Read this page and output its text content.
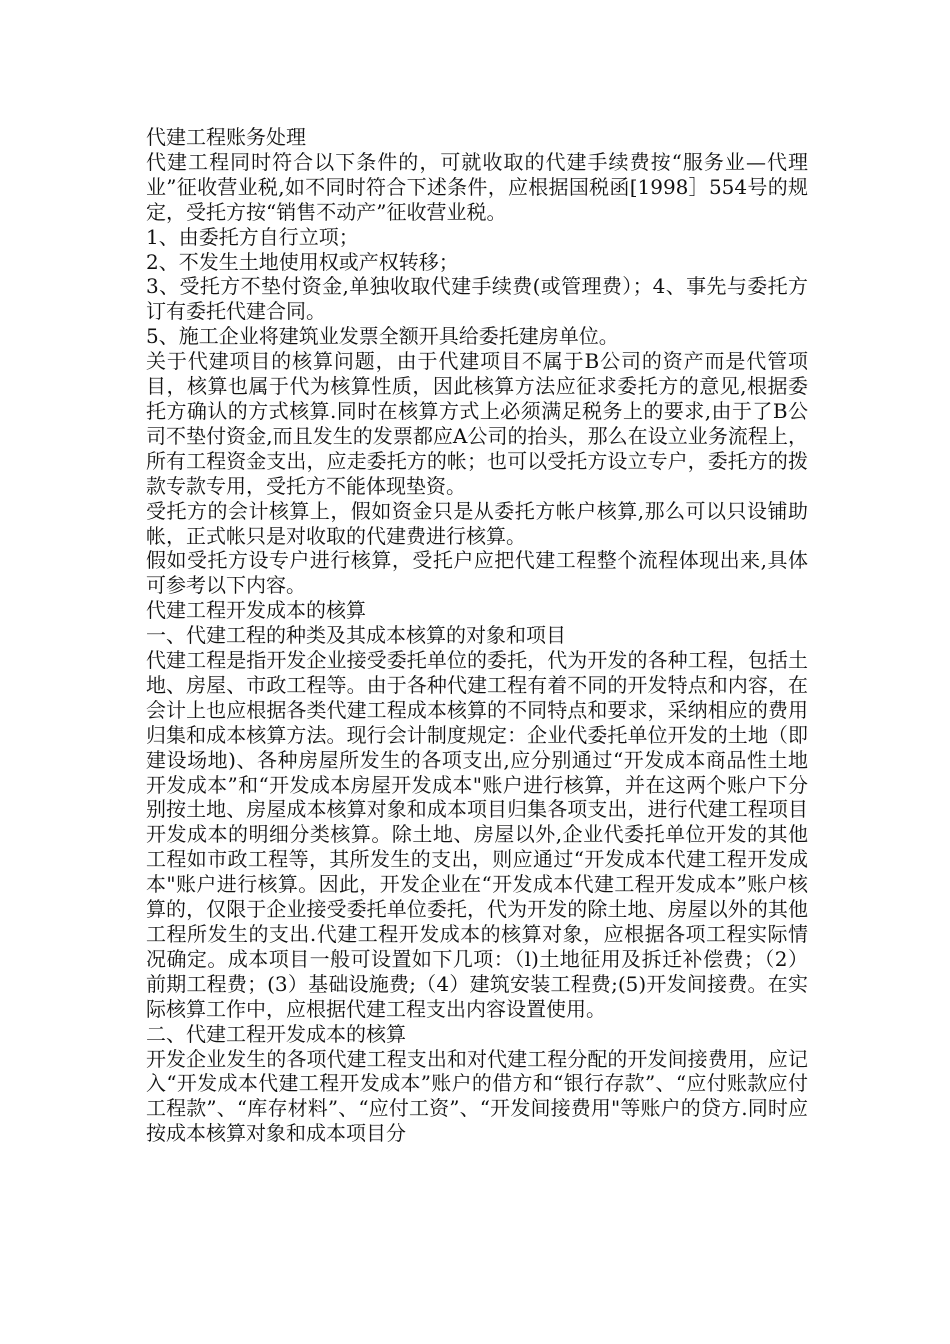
代建工程账务处理

代建工程同时符合以下条件的，可就收取的代建手续费按“服务业—代理业”征收营业税,如不同时符合下述条件，应根据国税函[1998］554号的规定，受托方按“销售不动产”征收营业税。

1、由委托方自行立项；

2、不发生土地使用权或产权转移；

3、受托方不垫付资金,单独收取代建手续费(或管理费）；4、事先与委托方订有委托代建合同。

5、施工企业将建筑业发票全额开具给委托建房单位。

关于代建项目的核算问题，由于代建项目不属于B公司的资产而是代管项目，核算也属于代为核算性质，因此核算方法应征求委托方的意见,根据委托方确认的方式核算.同时在核算方式上必须满足税务上的要求,由于了B公司不垫付资金,而且发生的发票都应A公司的抬头，那么在设立业务流程上，所有工程资金支出，应走委托方的帐；也可以受托方设立专户，委托方的拨款专款专用，受托方不能体现垫资。

受托方的会计核算上，假如资金只是从委托方帐户核算,那么可以只设铺助帐，正式帐只是对收取的代建费进行核算。

假如受托方设专户进行核算，受托户应把代建工程整个流程体现出来,具体可参考以下内容。

代建工程开发成本的核算

一、代建工程的种类及其成本核算的对象和项目

代建工程是指开发企业接受委托单位的委托，代为开发的各种工程，包括土地、房屋、市政工程等。由于各种代建工程有着不同的开发特点和内容，在会计上也应根据各类代建工程成本核算的不同特点和要求，采纳相应的费用归集和成本核算方法。现行会计制度规定：企业代委托单位开发的土地（即建设场地)、各种房屋所发生的各项支出,应分别通过“开发成本商品性土地开发成本”和“开发成本房屋开发成本"账户进行核算，并在这两个账户下分别按土地、房屋成本核算对象和成本项目归集各项支出，进行代建工程项目开发成本的明细分类核算。除土地、房屋以外,企业代委托单位开发的其他工程如市政工程等，其所发生的支出，则应通过“开发成本代建工程开发成本"账户进行核算。因此，开发企业在“开发成本代建工程开发成本”账户核算的，仅限于企业接受委托单位委托，代为开发的除土地、房屋以外的其他工程所发生的支出.代建工程开发成本的核算对象，应根据各项工程实际情况确定。成本项目一般可设置如下几项：（l)土地征用及拆迁补偿费；（2）前期工程费；(3）基础设施费;（4）建筑安装工程费;(5)开发间接费。在实际核算工作中，应根据代建工程支出内容设置使用。

二、代建工程开发成本的核算

开发企业发生的各项代建工程支出和对代建工程分配的开发间接费用，应记入“开发成本代建工程开发成本”账户的借方和“银行存款”、“应付账款应付工程款”、“库存材料”、“应付工资”、“开发间接费用"等账户的贷方.同时应按成本核算对象和成本项目分
